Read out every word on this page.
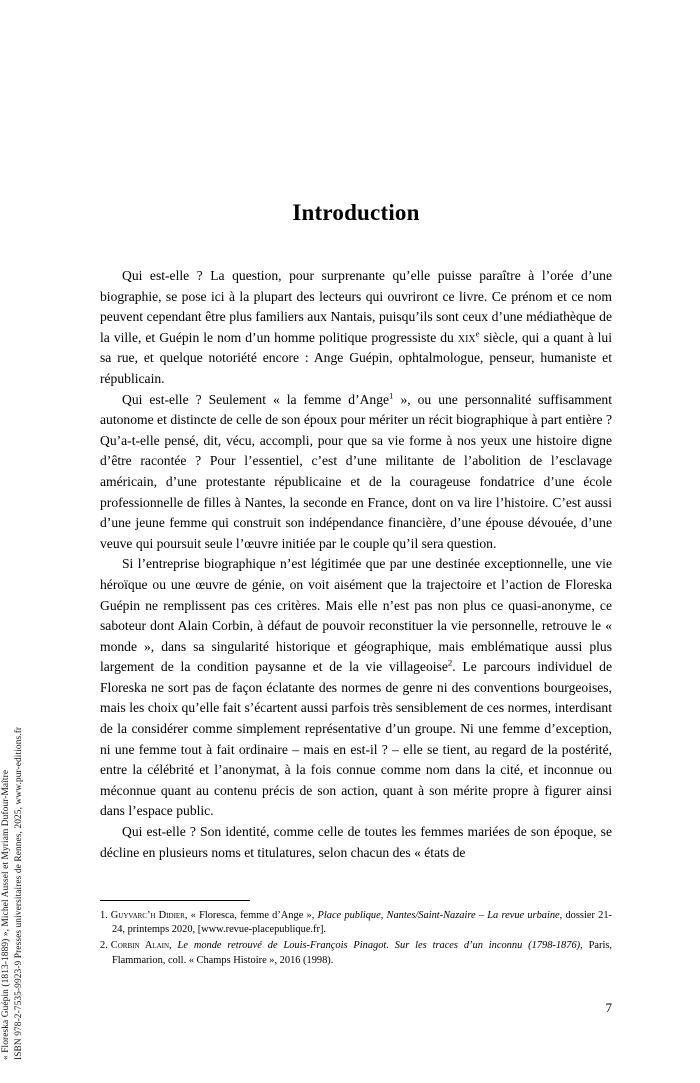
« Floreska Guépin (1813-1889) », Michel Aussel et Myriam Dufour-Maître ISBN 978-2-7535-9923-9 Presses universitaires de Rennes, 2025, www.pur-editions.fr
Introduction

Qui est-elle ? La question, pour surprenante qu’elle puisse paraître à l’orée d’une biographie, se pose ici à la plupart des lecteurs qui ouvriront ce livre. Ce prénom et ce nom peuvent cependant être plus familiers aux Nantais, puisqu’ils sont ceux d’une médiathèque de la ville, et Guépin le nom d’un homme politique progressiste du xix$^e$ siècle, qui a quant à lui sa rue, et quelque notoriété encore : Ange Guépin, ophtalmologue, penseur, humaniste et républicain.

Qui est-elle ? Seulement « la femme d’Ange$^1$ », ou une personnalité suffisamment autonome et distincte de celle de son époux pour mériter un récit biographique à part entière ? Qu’a-t-elle pensé, dit, vécu, accompli, pour que sa vie forme à nos yeux une histoire digne d’être racontée ? Pour l’essentiel, c’est d’une militante de l’abolition de l’esclavage américain, d’une protestante républicaine et de la courageuse fondatrice d’une école professionnelle de filles à Nantes, la seconde en France, dont on va lire l’histoire. C’est aussi d’une jeune femme qui construit son indépendance financière, d’une épouse dévouée, d’une veuve qui poursuit seule l’œuvre initiée par le couple qu’il sera question.

Si l’entreprise biographique n’est légitimée que par une destinée exceptionnelle, une vie héroïque ou une œuvre de génie, on voit aisément que la trajectoire et l’action de Floreska Guépin ne remplissent pas ces critères. Mais elle n’est pas non plus ce quasi-anonyme, ce saboteur dont Alain Corbin, à défaut de pouvoir reconstituer la vie personnelle, retrouve le « monde », dans sa singularité historique et géographique, mais emblématique aussi plus largement de la condition paysanne et de la vie villageoise$^2$. Le parcours individuel de Floreska ne sort pas de façon éclatante des normes de genre ni des conventions bourgeoises, mais les choix qu’elle fait s’écartent aussi parfois très sensiblement de ces normes, interdisant de la considérer comme simplement représentative d’un groupe. Ni une femme d’exception, ni une femme tout à fait ordinaire – mais en est-il ? – elle se tient, au regard de la postérité, entre la célébrité et l’anonymat, à la fois connue comme nom dans la cité, et inconnue ou méconnue quant au contenu précis de son action, quant à son mérite propre à figurer ainsi dans l’espace public.

Qui est-elle ? Son identité, comme celle de toutes les femmes mariées de son époque, se décline en plusieurs noms et titulatures, selon chacun des « états de

1. Guyvarc’h Didier, « Floresca, femme d’Ange », Place publique, Nantes/Saint-Nazaire – La revue urbaine, dossier 21-24, printemps 2020, [www.revue-placepublique.fr].

2. Corbin Alain, Le monde retrouvé de Louis-François Pinagot. Sur les traces d’un inconnu (1798-1876), Paris, Flammarion, coll. « Champs Histoire », 2016 (1998).

7
